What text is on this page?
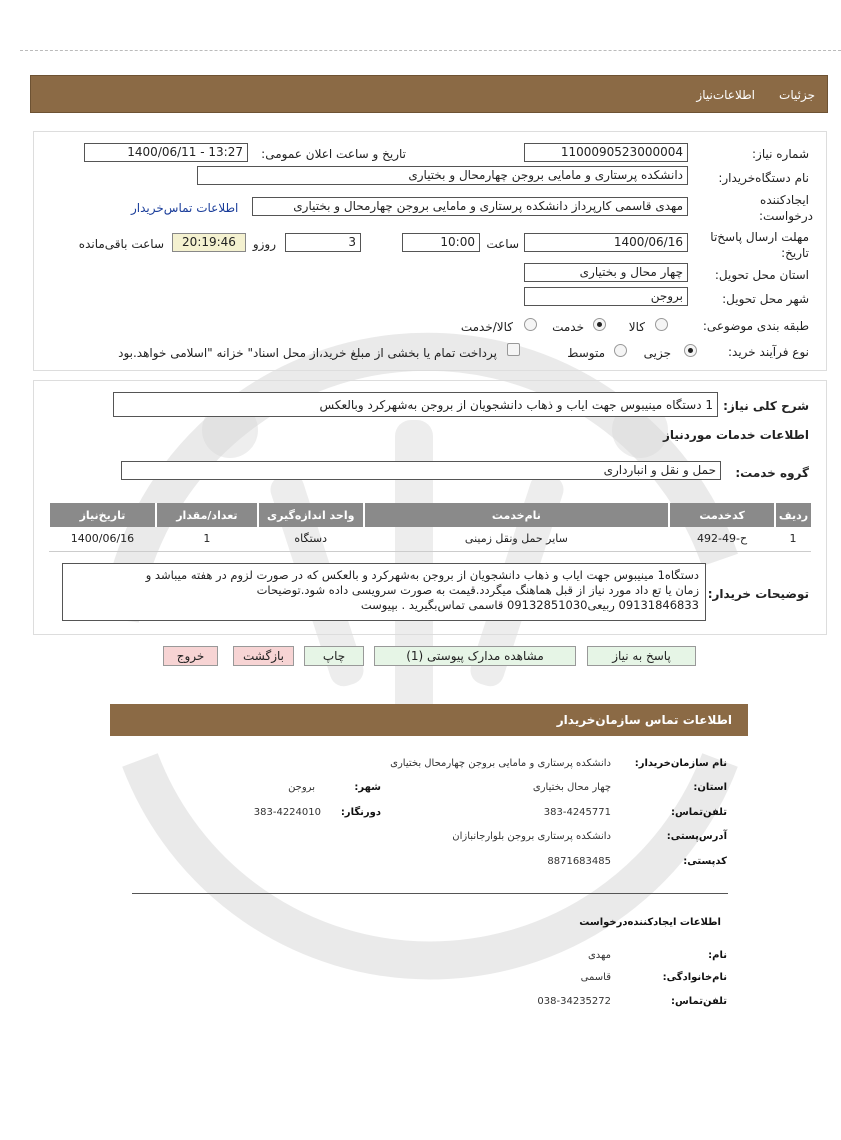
جزئیات
اطلاعات‌نیاز
شماره نیاز:
1100090523000004
تاریخ و ساعت اعلان عمومی:
1400/06/11 - 13:27
نام دستگاه‌خریدار:
دانشکده پرستاری و مامایی بروجن چهارمحال و بختیاری
ایجادکننده
درخواست:
مهدی قاسمی کارپرداز دانشکده پرستاری و مامایی بروجن چهارمحال و بختیاری
اطلاعات تماس‌خریدار
مهلت ارسال پاسخ‌تا
تاریخ:
1400/06/16
ساعت
10:00
3
روزو
20:19:46
ساعت باقی‌مانده
استان محل تحویل:
چهار محال و بختیاری
شهر محل تحویل:
بروجن
طبقه بندی موضوعی:
کالا
خدمت
کالا/خدمت
نوع فرآیند خرید:
جزیی
متوسط
پرداخت تمام یا بخشی از مبلغ خرید،از محل اسناد" خزانه "اسلامی خواهد.بود
شرح کلی نیاز:
1 دستگاه مینیبوس جهت ایاب و ذهاب دانشجویان از بروجن به‌شهرکرد وبالعکس
اطلاعات خدمات موردنیاز
گروه خدمت:
حمل و نقل و انبارداری
ردیف	کدخدمت	نام‌خدمت	واحد اندازه‌گیری	تعداد/مقدار	تاریخ‌نیاز
1	ح-49-492	سایر حمل ونقل زمینی	دستگاه	1	1400/06/16
توضیحات خریدار:
دستگاه1 مینیبوس جهت ایاب و ذهاب دانشجویان از بروجن به‌شهرکرد و بالعکس که در صورت لزوم در هفته میباشد و
زمان یا تع داد مورد نیاز از قبل هماهنگ میگردد.قیمت به صورت سرویسی داده شود.توضیحات
09131846833 ربیعی09132851030 قاسمی تماس‌بگیرید . بپیوست
پاسخ به نیاز
مشاهده مدارک پیوستی (1)
چاپ
بازگشت
خروج
اطلاعات تماس سازمان‌خریدار
نام سازمان‌خریدار:
دانشکده پرستاری و مامایی بروجن چهارمحال بختیاری
استان:
چهار محال بختیاری
شهر:
بروجن
تلفن‌تماس:
383-4245771
دورنگار:
383-4224010
آدرس‌پستی:
دانشکده پرستاری بروجن بلوارجانبازان
کدپستی:
8871683485
اطلاعات ایجادکننده‌درخواست
نام:
مهدی
نام‌خانوادگی:
قاسمی
تلفن‌تماس:
038-34235272
